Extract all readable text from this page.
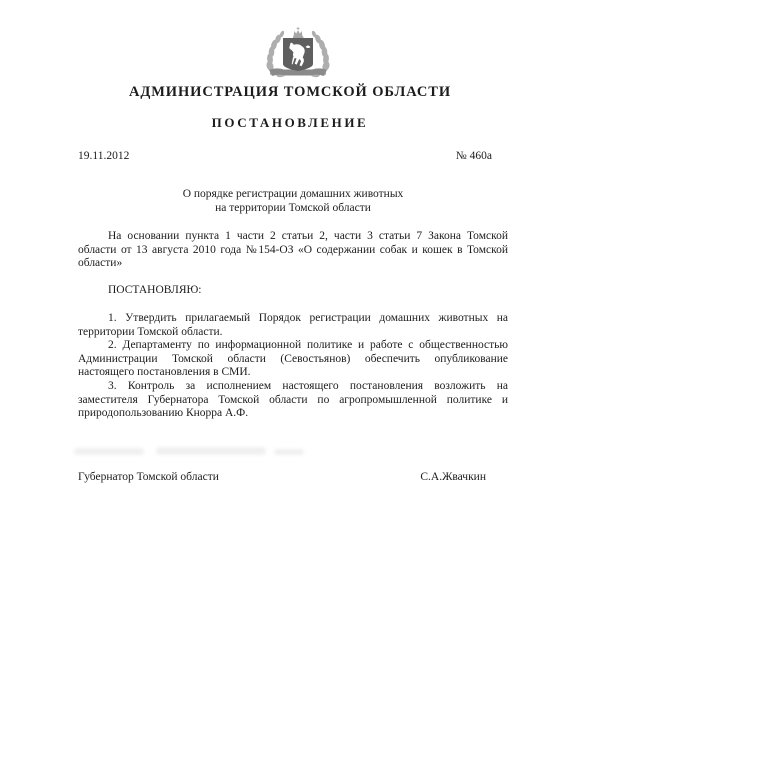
АДМИНИСТРАЦИЯ ТОМСКОЙ ОБЛАСТИ
ПОСТАНОВЛЕНИЕ
19.11.2012	№ 460а
О порядке регистрации домашних животных
на территории Томской области

На основании пункта 1 части 2 статьи 2, части 3 статьи 7 Закона Томской области от 13 августа 2010 года №154-ОЗ «О содержании собак и кошек в Томской области»

ПОСТАНОВЛЯЮ:

1. Утвердить прилагаемый Порядок регистрации домашних животных на территории Томской области.

2. Департаменту по информационной политике и работе с общественностью Администрации Томской области (Севостьянов) обеспечить опубликование настоящего постановления в СМИ.

3. Контроль за исполнением настоящего постановления возложить на заместителя Губернатора Томской области по агропромышленной политике и природопользованию Кнорра А.Ф.

Губернатор Томской области	С.А.Жвачкин
